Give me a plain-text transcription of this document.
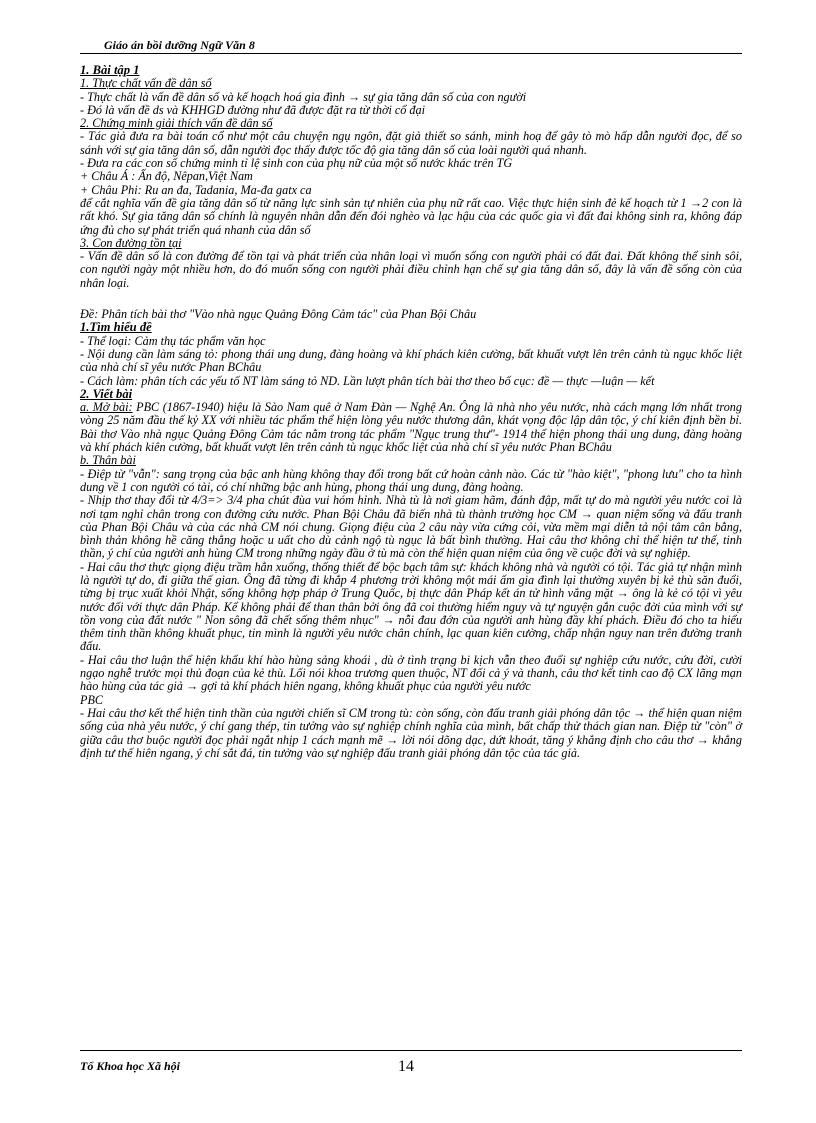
Giáo án bồi dưỡng Ngữ Văn 8

1. Bài tập 1

1. Thực chất vấn đề dân số

- Thực chất là vấn đề dân số và kế hoạch hoá gia đình → sự gia tăng dân số của con người

- Đó là vấn đề ds và KHHGD đường như đã được đặt ra từ thời cổ đại

2. Chứng minh giải thích vấn đề dân số

- Tác giả đưa ra bài toán cổ như một câu chuyện ngụ ngôn, đặt giả thiết so sánh, minh hoạ để gây tò mò hấp dẫn người đọc, để so sánh với sự gia tăng dân số, dẫn người đọc thấy được tốc độ gia tăng dân số của loài người quá nhanh.

- Đưa ra các con số chứng minh tỉ lệ sinh con của phụ nữ của một số nước khác trên TG

+ Châu Á : Ấn độ, Nêpan,Việt Nam

+ Châu Phi: Ru an đa, Tadania, Ma-đa gatx ca

để cắt nghĩa vấn đề gia tăng dân số từ năng lực sinh sản tự nhiên của phụ nữ rất cao. Việc thực hiện sinh đẻ kế hoạch từ 1 →2 con là rất khó. Sự gia tăng dân số chính là nguyên nhân dẫn đến đói nghèo và lạc hậu của các quốc gia vì đất đai không sinh ra, không đáp ứng đủ cho sự phát triển quá nhanh của dân số

3. Con đường tồn tại

- Vấn đề dân số là con đường để tồn tại và phát triển của nhân loại vì muốn sống con người phải có đất đai. Đất không thể sinh sôi, con người ngày một nhiều hơn, do đó muốn sống con người phải điều chỉnh hạn chế sự gia tăng dân số, đây là vấn đề sống còn của nhân loại.

Đề: Phân tích bài thơ "Vào nhà ngục Quảng Đông Cảm tác" của Phan Bội Châu

1.Tìm hiểu đề

- Thể loại: Cảm thụ tác phẩm văn học

- Nội dung cần làm sáng tỏ: phong thái ung dung, đàng hoàng và khí phách kiên cường, bất khuất vượt lên trên cảnh tù ngục khốc liệt của nhà chí sĩ yêu nước Phan BChâu

- Cách làm: phân tích các yếu tố NT làm sáng tỏ ND. Lần lượt phân tích bài thơ theo bố cục: đề — thực —luận — kết

2. Viết bài

a. Mở bài: PBC (1867-1940) hiệu là Sào Nam quê ở Nam Đàn — Nghệ An. Ông là nhà nho yêu nước, nhà cách mạng lớn nhất trong vòng 25 năm đầu thế kỷ XX với nhiều tác phẩm thể hiện lòng yêu nước thương dân, khát vọng độc lập dân tộc, ý chí kiên định bền bỉ. Bài thơ Vào nhà ngục Quảng Đông Cảm tác nằm trong tác phẩm "Ngục trung thư"- 1914 thể hiện phong thái ung dung, đàng hoàng và khí phách kiên cường, bất khuất vượt lên trên cảnh tù ngục khốc liệt của nhà chí sĩ yêu nước Phan BChâu

b. Thân bài

- Điệp từ "vẫn": sang trọng của bậc anh hùng không thay đổi trong bất cứ hoàn cảnh nào. Các từ "hào kiệt", "phong lưu" cho ta hình dung về 1 con người có tài, có chí những bậc anh hùng, phong thái ung dung, đàng hoàng.

- Nhịp thơ thay đổi từ 4/3=> 3/4 pha chút đùa vui hóm hỉnh. Nhà tù là nơi giam hãm, đánh đập, mất tự do mà người yêu nước coi là nơi tạm nghỉ chân trong con đường cứu nước. Phan Bội Châu đã biến nhà tù thành trường học CM → quan niệm sống và đấu tranh của Phan Bội Châu và của các nhà CM nói chung. Giọng điệu của 2 câu này vừa cứng cỏi, vừa mềm mại diễn tả nội tâm cân bằng, bình thản không hề căng thẳng hoặc u uất cho dù cảnh ngộ tù ngục là bất bình thường. Hai câu thơ không chỉ thể hiện tư thế, tinh thần, ý chí của người anh hùng CM trong những ngày đầu ở tù mà còn thể hiện quan niệm của ông về cuộc đời và sự nghiệp.

- Hai câu thơ thực giọng điệu trầm hẳn xuống, thống thiết để bộc bạch tâm sự: khách không nhà và người có tội. Tác giả tự nhận mình là người tự do, đi giữa thế gian. Ông đã từng đi khắp 4 phương trời không một mái ấm gia đình lại thường xuyên bị kẻ thù săn đuổi, từng bị trục xuất khỏi Nhật, sống không hợp pháp ở Trung Quốc, bị thực dân Pháp kết án tử hình vắng mặt → ông là kẻ có tội vì yêu nước đối với thực dân Pháp. Kể không phải để than thân bởi ông đã coi thường hiểm nguy và tự nguyện gắn cuộc đời của mình với sự tồn vong của đất nước " Non sông đã chết sống thêm nhục" → nỗi đau đớn của người anh hùng đầy khí phách. Điều đó cho ta hiểu thêm tinh thần không khuất phục, tin mình là người yêu nước chân chính, lạc quan kiên cường, chấp nhận nguy nan trên đường tranh đấu.

- Hai câu thơ luận thể hiện khẩu khí hào hùng sảng khoái , dù ở tình trạng bi kịch vẫn theo đuổi sự nghiệp cứu nước, cứu đời, cười ngạo nghễ trước mọi thủ đoạn của kẻ thù. Lối nói khoa trương quen thuộc, NT đối cả ý và thanh, câu thơ kết tinh cao độ CX lãng mạn hào hùng của tác giả → gợi tả khí phách hiên ngang, không khuất phục của người yêu nước

PBC

- Hai câu thơ kết thể hiện tinh thần của người chiến sĩ CM trong tù: còn sống, còn đấu tranh giải phóng dân tộc → thể hiện quan niệm sống của nhà yêu nước, ý chí gang thép, tin tưởng vào sự nghiệp chính nghĩa của mình, bất chấp thử thách gian nan. Điệp từ "còn" ở giữa câu thơ buộc người đọc phải ngắt nhịp 1 cách mạnh mẽ → lời nói dõng dạc, dứt khoát, tăng ý khẳng định cho câu thơ → khẳng định tư thế hiên ngang, ý chí sắt đá, tin tưởng vào sự nghiệp đấu tranh giải phóng dân tộc của tác giả.

Tổ Khoa học Xã hội	14
